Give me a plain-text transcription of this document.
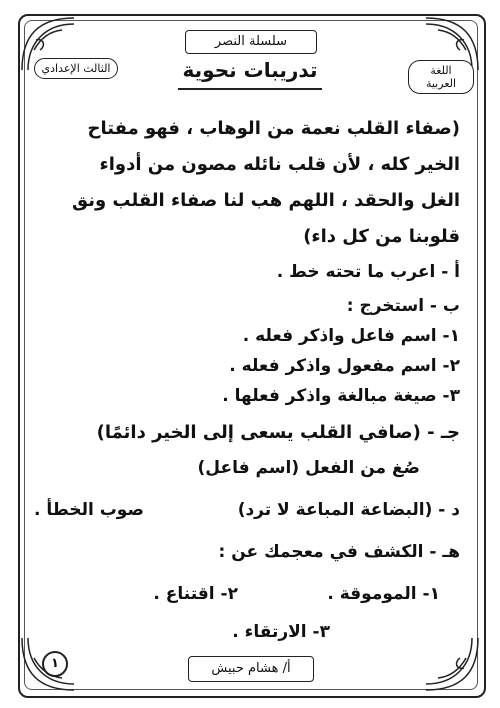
سلسلة النصر
اللغة العربية
الثالث الإعدادي	تدريبات نحوية
(صفاء القلب نعمة من الوهاب ، فهو مفتاح
الخير كله ، لأن قلب نائله مصون من أدواء
الغل والحقد ، اللهم هب لنا صفاء القلب ونق
قلوبنا من كل داء)
أ - اعرب ما تحته خط .
ب - استخرج :
١- اسم فاعل واذكر فعله .
٢- اسم مفعول واذكر فعله .
٣- صيغة مبالغة واذكر فعلها .
جـ - (صافي القلب يسعى إلى الخير دائمًا)
صُغ من الفعل (اسم فاعل)
د - (البضاعة المباعة لا ترد)
صوب الخطأ .
هـ - الكشف في معجمك عن :
١- الموموقة .
٢- اقتناع .
٣- الارتقاء .
أ/ هشام حبيش
١
